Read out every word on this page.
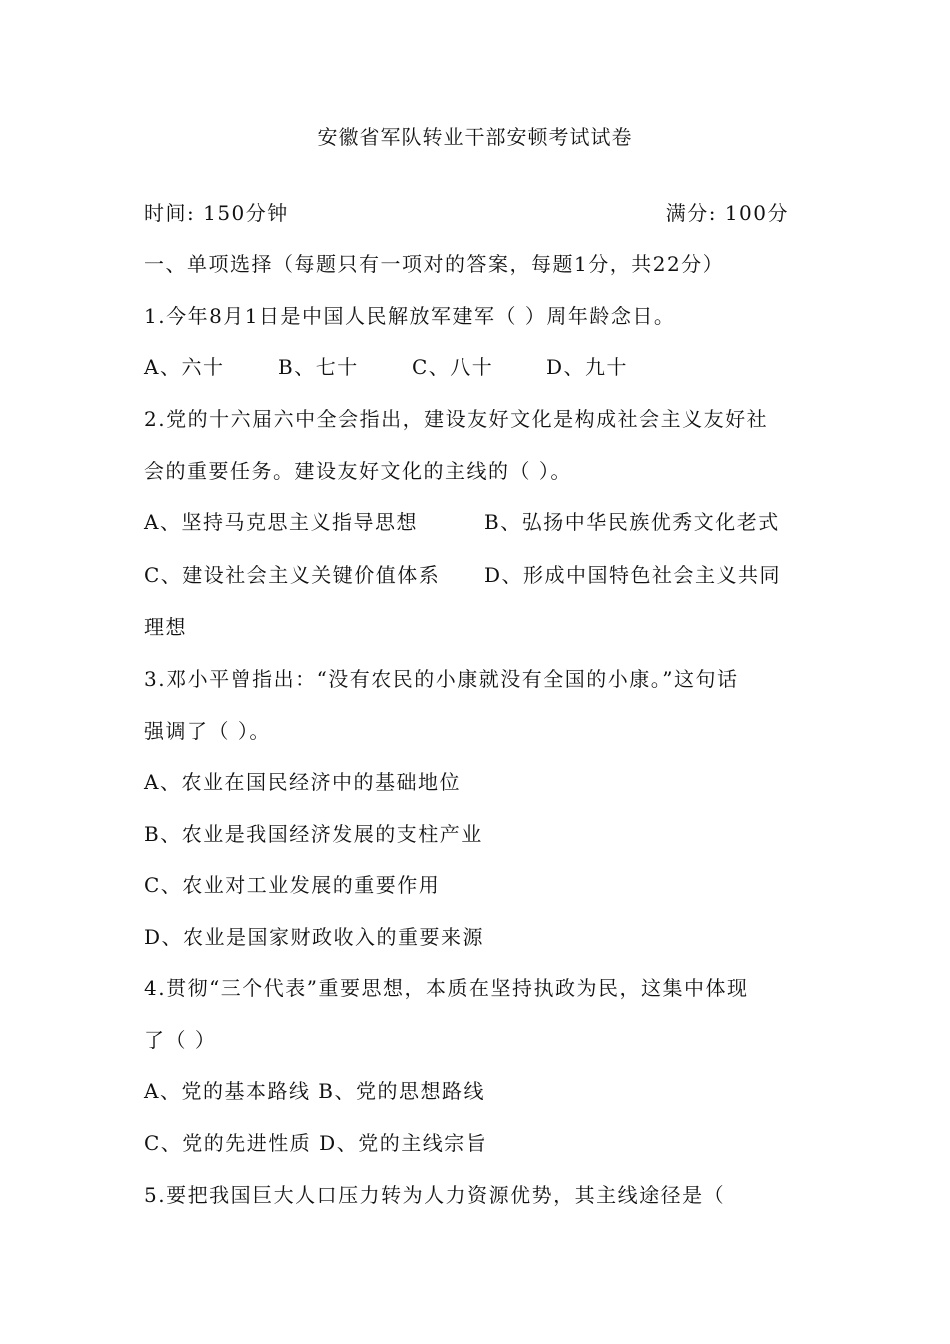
安徽省军队转业干部安顿考试试卷
时间: 150分钟	满分: 100分
一、单项选择（每题只有一项对的答案，每题1分，共22分）
1.今年8月1日是中国人民解放军建军（ ）周年龄念日。
A、六十	B、七十	C、八十	D、九十
2.党的十六届六中全会指出，建设友好文化是构成社会主义友好社
会的重要任务。建设友好文化的主线的（ ）。
A、坚持马克思主义指导思想	B、弘扬中华民族优秀文化老式
C、建设社会主义关键价值体系	D、形成中国特色社会主义共同
理想
3.邓小平曾指出：“没有农民的小康就没有全国的小康。”这句话
强调了（ ）。
A、农业在国民经济中的基础地位
B、农业是我国经济发展的支柱产业
C、农业对工业发展的重要作用
D、农业是国家财政收入的重要来源
4.贯彻“三个代表”重要思想，本质在坚持执政为民，这集中体现
了（ ）
A、党的基本路线 B、党的思想路线
C、党的先进性质 D、党的主线宗旨
5.要把我国巨大人口压力转为人力资源优势，其主线途径是（
